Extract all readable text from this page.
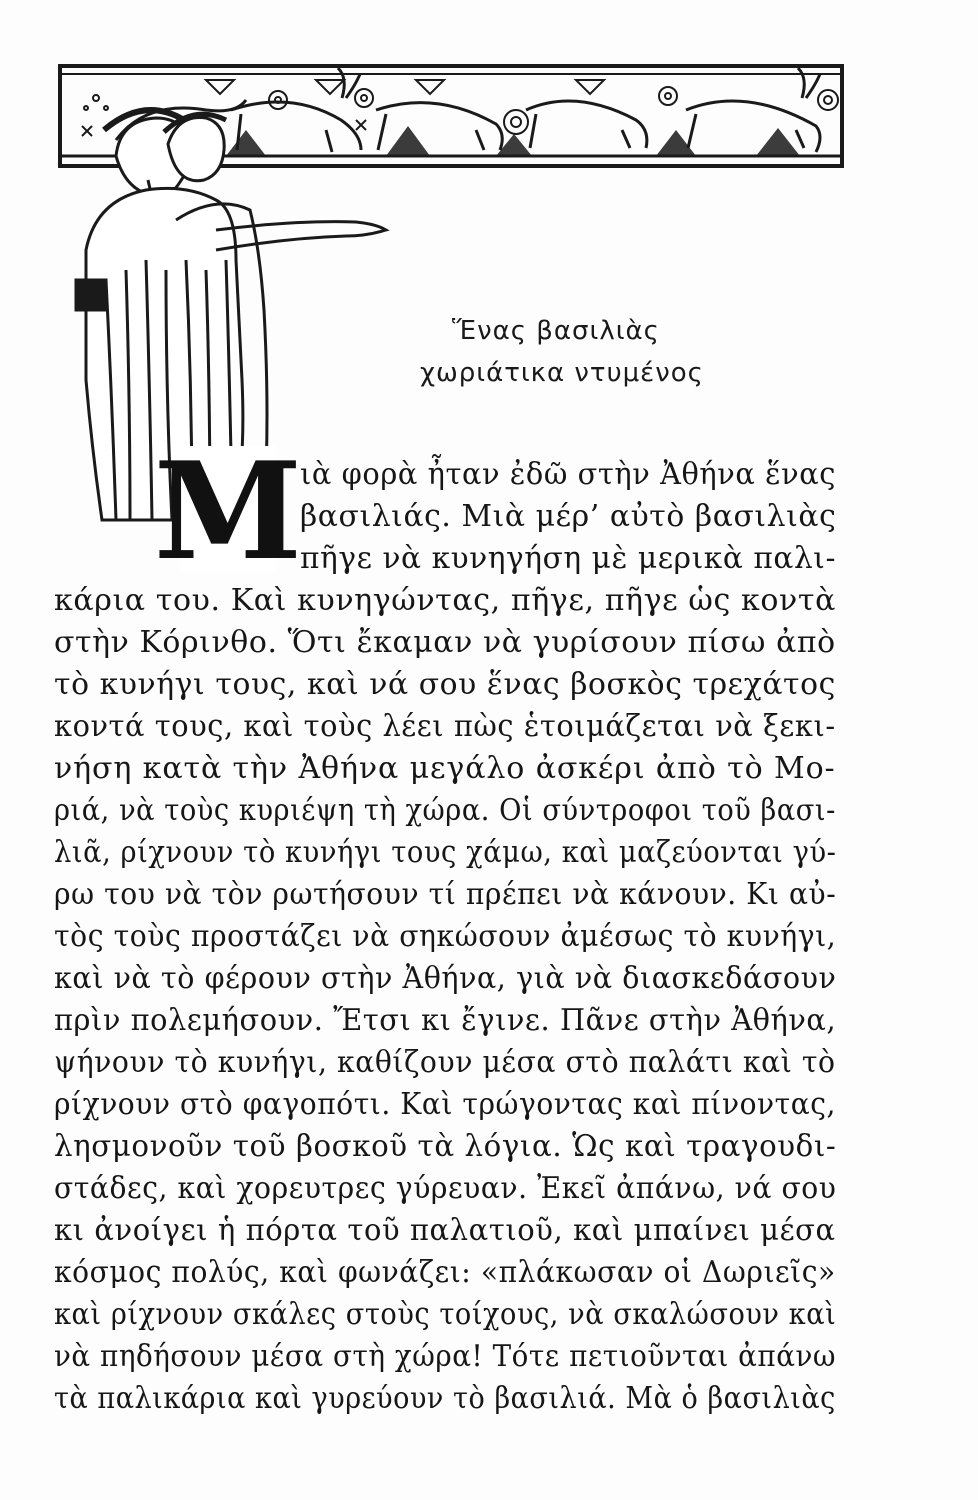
Ἕνας βασιλιὰς
χωριάτικα ντυμένος
Μ
ιὰ φορὰ ἦταν ἐδῶ στὴν Ἀθήνα ἕνας
βασιλιάς. Μιὰ μέρ’ αὐτὸ βασιλιὰς
πῆγε νὰ κυνηγήση μὲ μερικὰ παλι-
κάρια του. Καὶ κυνηγώντας, πῆγε, πῆγε ὡς κοντὰ
στὴν Κόρινθο. Ὅτι ἔκαμαν νὰ γυρίσουν πίσω ἀπὸ
τὸ κυνήγι τους, καὶ νά σου ἕνας βοσκὸς τρεχάτος
κοντά τους, καὶ τοὺς λέει πὼς ἑτοιμάζεται νὰ ξεκι-
νήση κατὰ τὴν Ἀθήνα μεγάλο ἀσκέρι ἀπὸ τὸ Μο-
ριά, νὰ τοὺς κυριέψη τὴ χώρα. Οἱ σύντροφοι τοῦ βασι-
λιᾶ, ρίχνουν τὸ κυνήγι τους χάμω, καὶ μαζεύονται γύ-
ρω του νὰ τὸν ρωτήσουν τί πρέπει νὰ κάνουν. Κι αὐ-
τὸς τοὺς προστάζει νὰ σηκώσουν ἀμέσως τὸ κυνήγι,
καὶ νὰ τὸ φέρουν στὴν Ἀθήνα, γιὰ νὰ διασκεδάσουν
πρὶν πολεμήσουν. Ἔτσι κι ἔγινε. Πᾶνε στὴν Ἀθήνα,
ψήνουν τὸ κυνήγι, καθίζουν μέσα στὸ παλάτι καὶ τὸ
ρίχνουν στὸ φαγοπότι. Καὶ τρώγοντας καὶ πίνοντας,
λησμονοῦν τοῦ βοσκοῦ τὰ λόγια. Ὡς καὶ τραγουδι-
στάδες, καὶ χορευτρες γύρευαν. Ἐκεῖ ἀπάνω, νά σου
κι ἀνοίγει ἡ πόρτα τοῦ παλατιοῦ, καὶ μπαίνει μέσα
κόσμος πολύς, καὶ φωνάζει: «πλάκωσαν οἱ Δωριεῖς»
καὶ ρίχνουν σκάλες στοὺς τοίχους, νὰ σκαλώσουν καὶ
νὰ πηδήσουν μέσα στὴ χώρα! Τότε πετιοῦνται ἀπάνω
τὰ παλικάρια καὶ γυρεύουν τὸ βασιλιά. Μὰ ὁ βασιλιὰς
